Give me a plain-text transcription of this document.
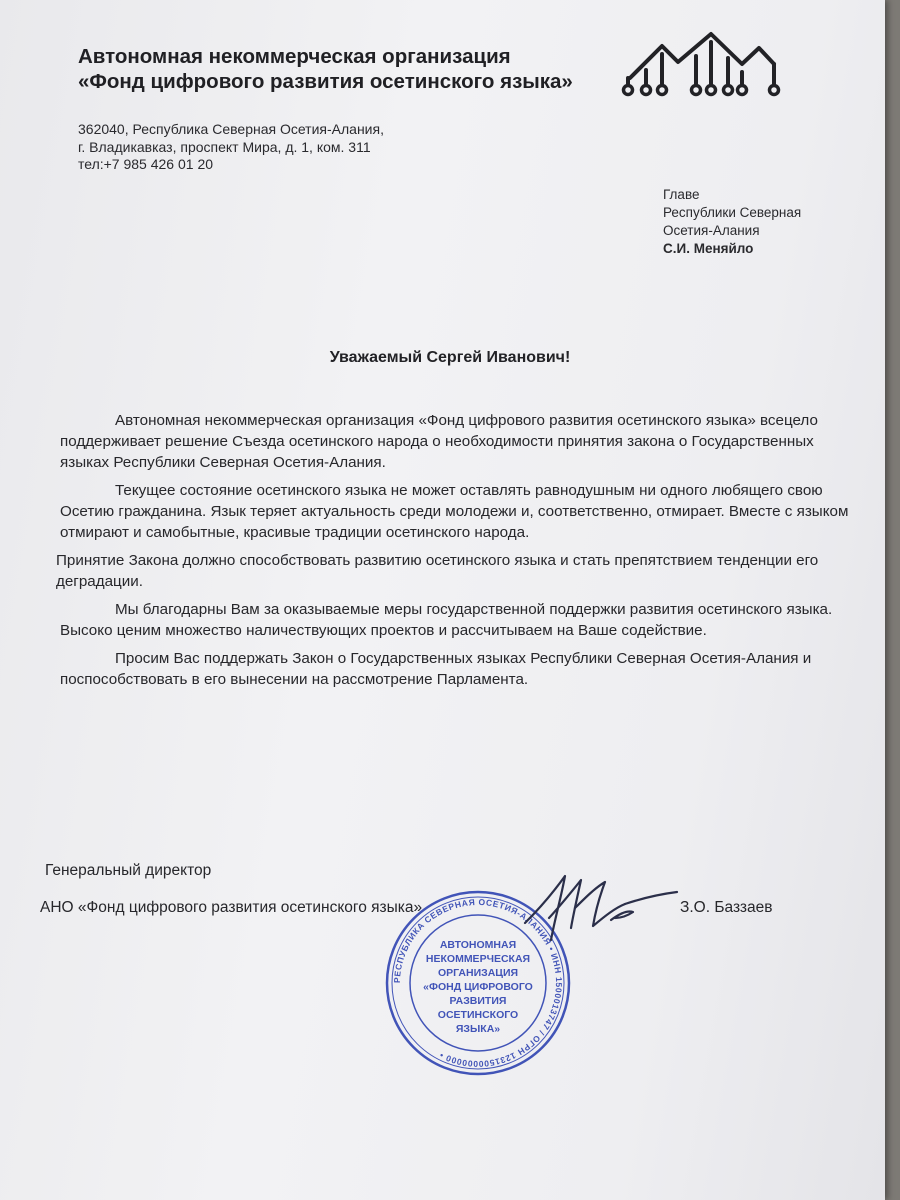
Автономная некоммерческая организация
«Фонд цифрового развития осетинского языка»
362040, Республика Северная Осетия-Алания,
г. Владикавказ, проспект Мира, д. 1, ком. 311
тел:+7 985 426 01 20
Главе
Республики Северная
Осетия-Алания
С.И. Меняйло
Уважаемый Сергей Иванович!

Автономная некоммерческая организация «Фонд цифрового развития осетинского языка» всецело поддерживает решение Съезда осетинского народа о необходимости принятия закона о Государственных языках Республики Северная Осетия-Алания.

Текущее состояние осетинского языка не может оставлять равнодушным ни одного любящего свою Осетию гражданина. Язык теряет актуальность среди молодежи и, соответственно, отмирает. Вместе с языком отмирают и самобытные, красивые традиции осетинского народа.

Принятие Закона должно способствовать развитию осетинского языка и стать препятствием тенденции его деградации.

Мы благодарны Вам за оказываемые меры государственной поддержки развития осетинского языка. Высоко ценим множество наличествующих проектов и рассчитываем на Ваше содействие.

Просим Вас поддержать Закон о Государственных языках Республики Северная Осетия-Алания и поспособствовать в его вынесении на рассмотрение Парламента.

Генеральный директор
АНО «Фонд цифрового развития осетинского языка»	З.О. Баззаев
РЕСПУБЛИКА СЕВЕРНАЯ ОСЕТИЯ-АЛАНИЯ • ИНН 1500013747 / ОГРН 1231500000000 •
АВТОНОМНАЯ
НЕКОММЕРЧЕСКАЯ
ОРГАНИЗАЦИЯ
«ФОНД ЦИФРОВОГО
РАЗВИТИЯ
ОСЕТИНСКОГО
ЯЗЫКА»
